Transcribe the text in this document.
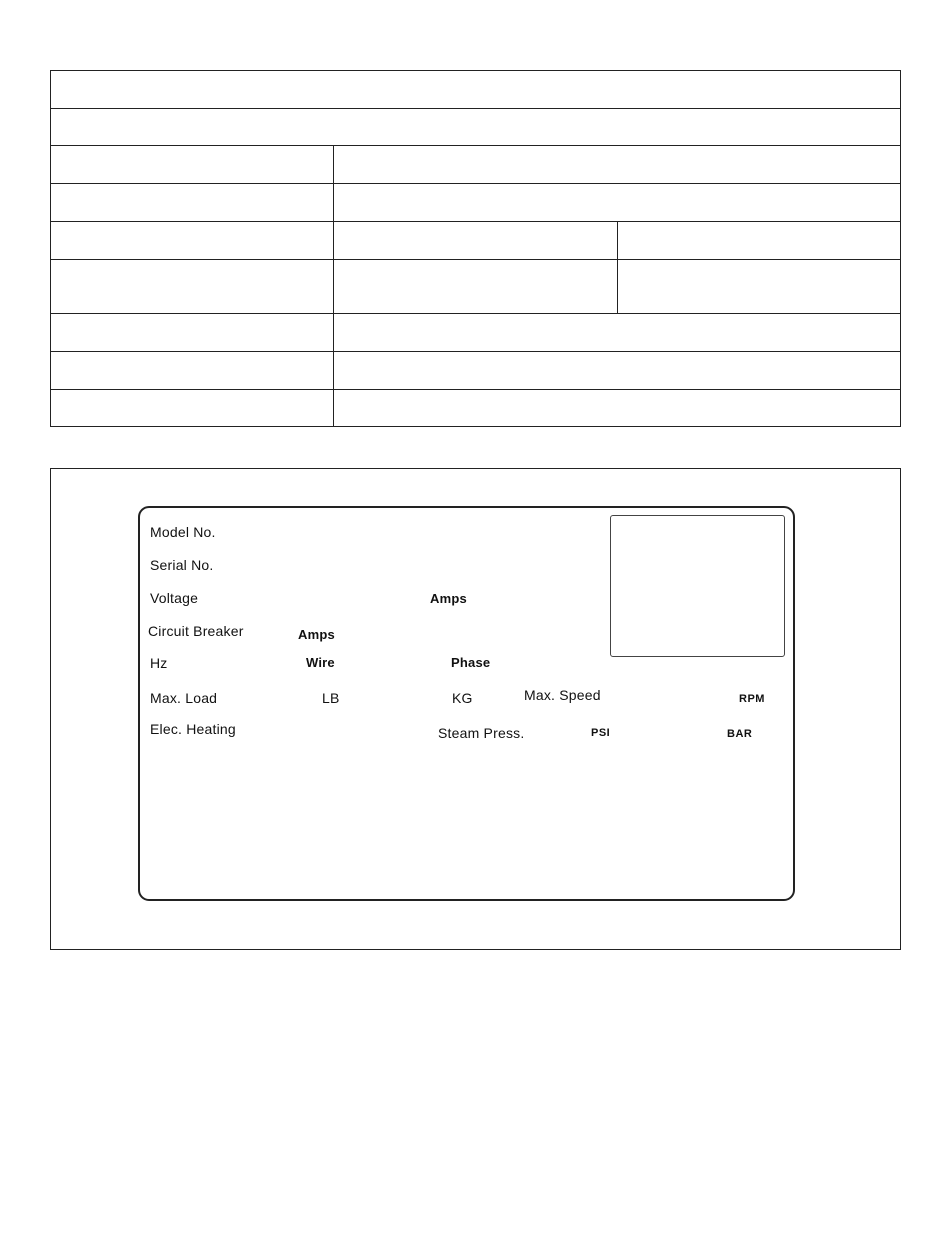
Model No.
Serial No.
Voltage	Amps
Circuit Breaker	Amps
Hz	Wire	Phase
Max. Load	LB	KG	Max. Speed	RPM
Elec. Heating	Steam Press.	PSI	BAR
